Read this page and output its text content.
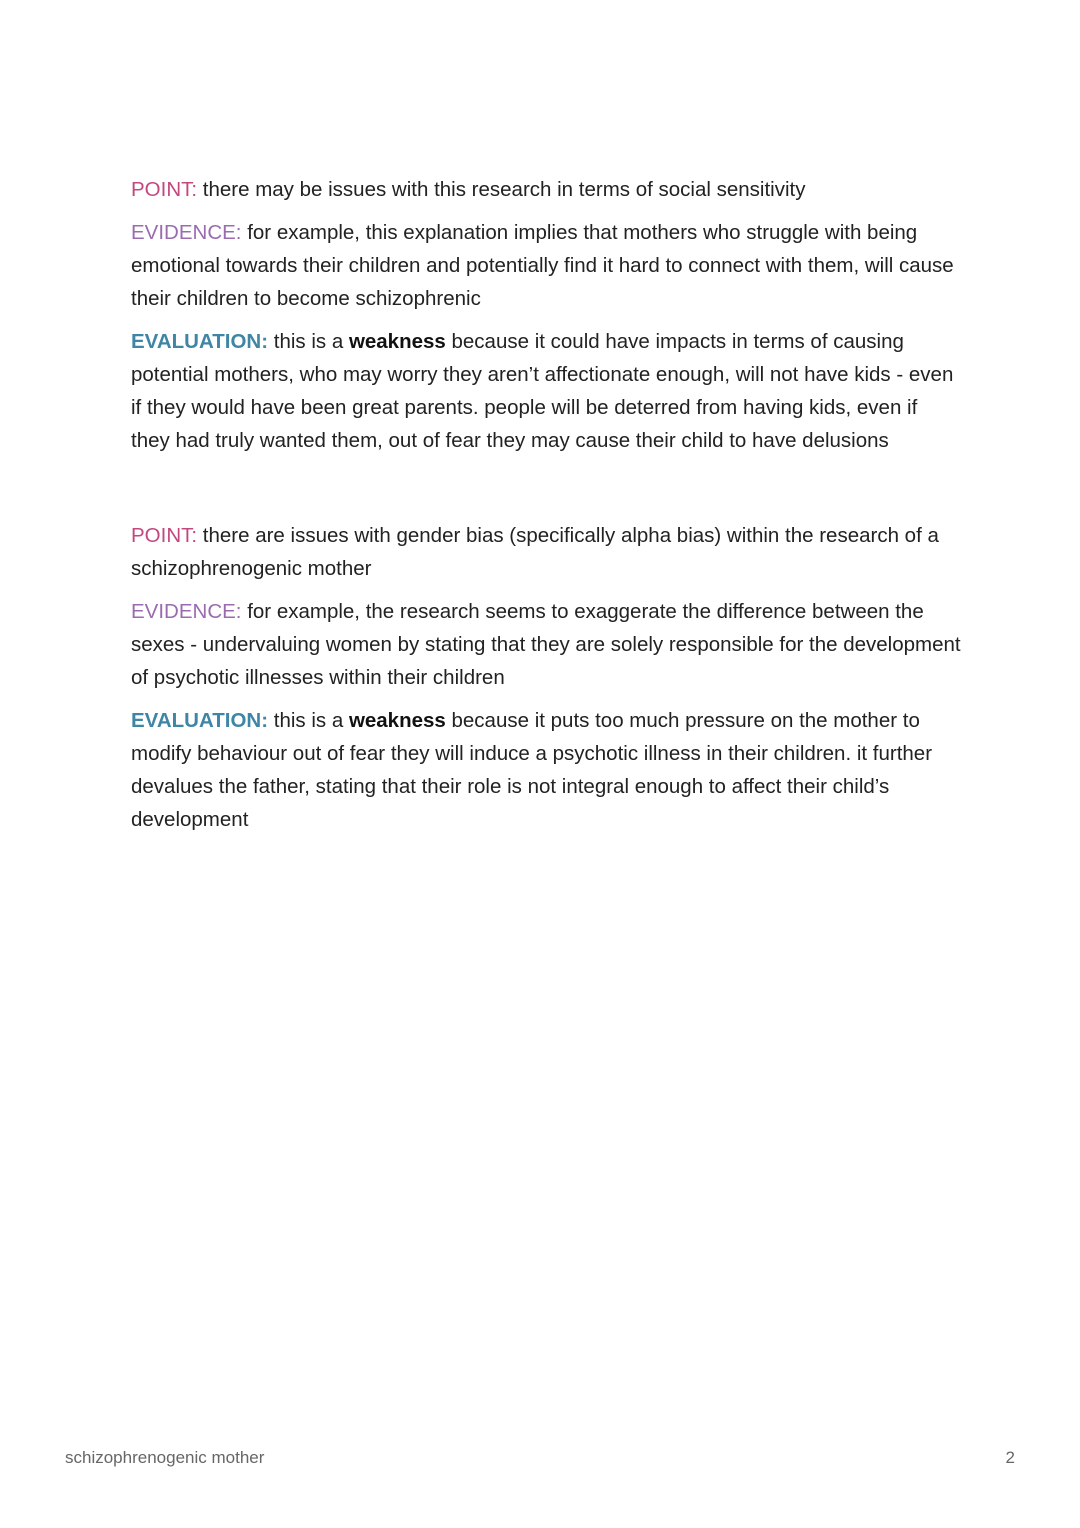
POINT: there may be issues with this research in terms of social sensitivity

EVIDENCE: for example, this explanation implies that mothers who struggle with being emotional towards their children and potentially find it hard to connect with them, will cause their children to become schizophrenic

EVALUATION: this is a weakness because it could have impacts in terms of causing potential mothers, who may worry they aren’t affectionate enough, will not have kids - even if they would have been great parents. people will be deterred from having kids, even if they had truly wanted them, out of fear they may cause their child to have delusions

POINT: there are issues with gender bias (specifically alpha bias) within the research of a schizophrenogenic mother

EVIDENCE: for example, the research seems to exaggerate the difference between the sexes - undervaluing women by stating that they are solely responsible for the development of psychotic illnesses within their children

EVALUATION: this is a weakness because it puts too much pressure on the mother to modify behaviour out of fear they will induce a psychotic illness in their children. it further devalues the father, stating that their role is not integral enough to affect their child’s development

schizophrenogenic mother	2
